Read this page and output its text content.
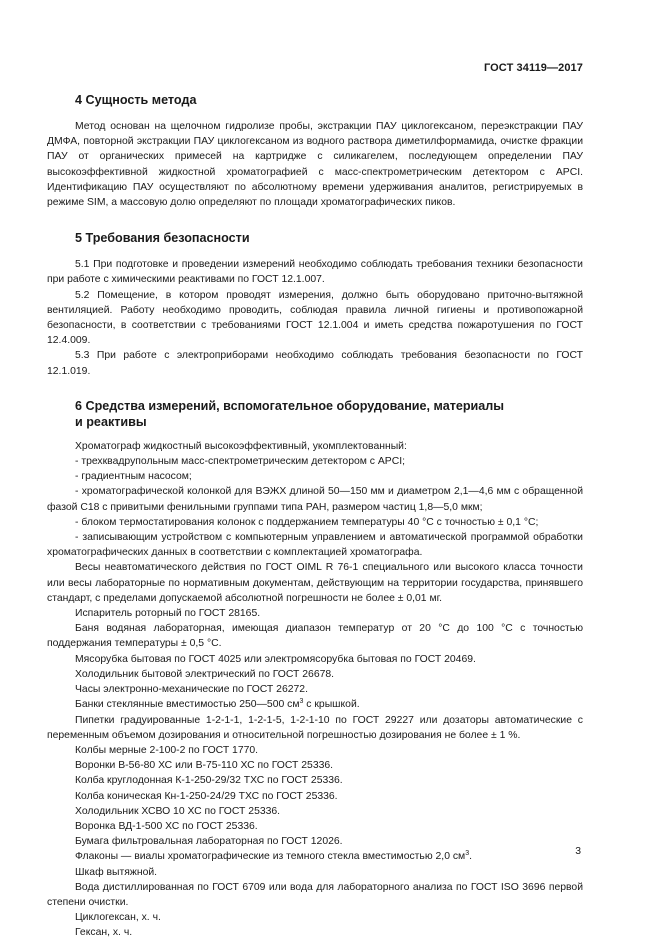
ГОСТ 34119—2017
4 Сущность метода

Метод основан на щелочном гидролизе пробы, экстракции ПАУ циклогексаном, переэкстракции ПАУ ДМФА, повторной экстракции ПАУ циклогексаном из водного раствора диметилформамида, очистке фракции ПАУ от органических примесей на картридже с силикагелем, последующем определении ПАУ высокоэффективной жидкостной хроматографией с масс-спектрометрическим детектором с APCI. Идентификацию ПАУ осуществляют по абсолютному времени удерживания аналитов, регистрируемых в режиме SIM, а массовую долю определяют по площади хроматографических пиков.

5 Требования безопасности

5.1 При подготовке и проведении измерений необходимо соблюдать требования техники безопасности при работе с химическими реактивами по ГОСТ 12.1.007.

5.2 Помещение, в котором проводят измерения, должно быть оборудовано приточно-вытяжной вентиляцией. Работу необходимо проводить, соблюдая правила личной гигиены и противопожарной безопасности, в соответствии с требованиями ГОСТ 12.1.004 и иметь средства пожаротушения по ГОСТ 12.4.009.

5.3 При работе с электроприборами необходимо соблюдать требования безопасности по ГОСТ 12.1.019.

6 Средства измерений, вспомогательное оборудование, материалы
и реактивы

Хроматограф жидкостный высокоэффективный, укомплектованный:

- трехквадрупольным масс-спектрометрическим детектором с APCI;

- градиентным насосом;

- хроматографической колонкой для ВЭЖХ длиной 50—150 мм и диаметром 2,1—4,6 мм с обращенной фазой С18 с привитыми фенильными группами типа РАН, размером частиц 1,8—5,0 мкм;

- блоком термостатирования колонок с поддержанием температуры 40 °С с точностью ± 0,1 °С;

- записывающим устройством с компьютерным управлением и автоматической программой обработки хроматографических данных в соответствии с комплектацией хроматографа.

Весы неавтоматического действия по ГОСТ OIML R 76-1 специального или высокого класса точности или весы лабораторные по нормативным документам, действующим на территории государства, принявшего стандарт, с пределами допускаемой абсолютной погрешности не более ± 0,01 мг.

Испаритель роторный по ГОСТ 28165.

Баня водяная лабораторная, имеющая диапазон температур от 20 °С до 100 °С с точностью поддержания температуры ± 0,5 °С.

Мясорубка бытовая по ГОСТ 4025 или электромясорубка бытовая по ГОСТ 20469.

Холодильник бытовой электрический по ГОСТ 26678.

Часы электронно-механические по ГОСТ 26272.

Банки стеклянные вместимостью 250—500 $см^3$ с крышкой.

Пипетки градуированные 1-2-1-1, 1-2-1-5, 1-2-1-10 по ГОСТ 29227 или дозаторы автоматические с переменным объемом дозирования и относительной погрешностью дозирования не более ± 1 %.

Колбы мерные 2-100-2 по ГОСТ 1770.

Воронки В-56-80 ХС или В-75-110 ХС по ГОСТ 25336.

Колба круглодонная К-1-250-29/32 ТХС по ГОСТ 25336.

Колба коническая Кн-1-250-24/29 ТХС по ГОСТ 25336.

Холодильник ХСВО 10 ХС по ГОСТ 25336.

Воронка ВД-1-500 ХС по ГОСТ 25336.

Бумага фильтровальная лабораторная по ГОСТ 12026.

Флаконы — виалы хроматографические из темного стекла вместимостью 2,0 $см^3$.

Шкаф вытяжной.

Вода дистиллированная по ГОСТ 6709 или вода для лабораторного анализа по ГОСТ ISO 3696 первой степени очистки.

Циклогексан, х. ч.

Гексан, х. ч.

3
